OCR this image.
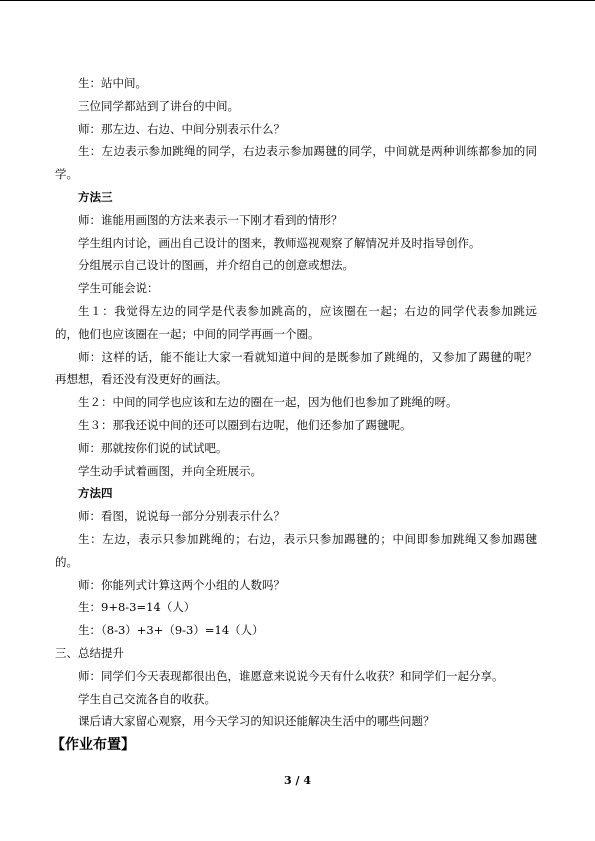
生：站中间。

三位同学都站到了讲台的中间。

师：那左边、右边、中间分别表示什么？

生：左边表示参加跳绳的同学，右边表示参加踢毽的同学，中间就是两种训练都参加的同学。

方法三

师：谁能用画图的方法来表示一下刚才看到的情形？

学生组内讨论，画出自己设计的图来，教师巡视观察了解情况并及时指导创作。

分组展示自己设计的图画，并介绍自己的创意或想法。

学生可能会说：

生１：我觉得左边的同学是代表参加跳高的，应该圈在一起；右边的同学代表参加跳远的，他们也应该圈在一起；中间的同学再画一个圈。

师：这样的话，能不能让大家一看就知道中间的是既参加了跳绳的，又参加了踢毽的呢？再想想，看还没有没更好的画法。

生２：中间的同学也应该和左边的圈在一起，因为他们也参加了跳绳的呀。

生３：那我还说中间的还可以圈到右边呢，他们还参加了踢毽呢。

师：那就按你们说的试试吧。

学生动手试着画图，并向全班展示。

方法四

师：看图，说说每一部分分别表示什么？

生：左边，表示只参加跳绳的；右边，表示只参加踢毽的；中间即参加跳绳又参加踢毽的。

师：你能列式计算这两个小组的人数吗？

生：9+8-3=14（人）

生：（8-3）+3+（9-3）=14（人）

三、总结提升

师：同学们今天表现都很出色，谁愿意来说说今天有什么收获？和同学们一起分享。

学生自己交流各自的收获。

课后请大家留心观察，用今天学习的知识还能解决生活中的哪些问题？

【作业布置】

3 / 4
